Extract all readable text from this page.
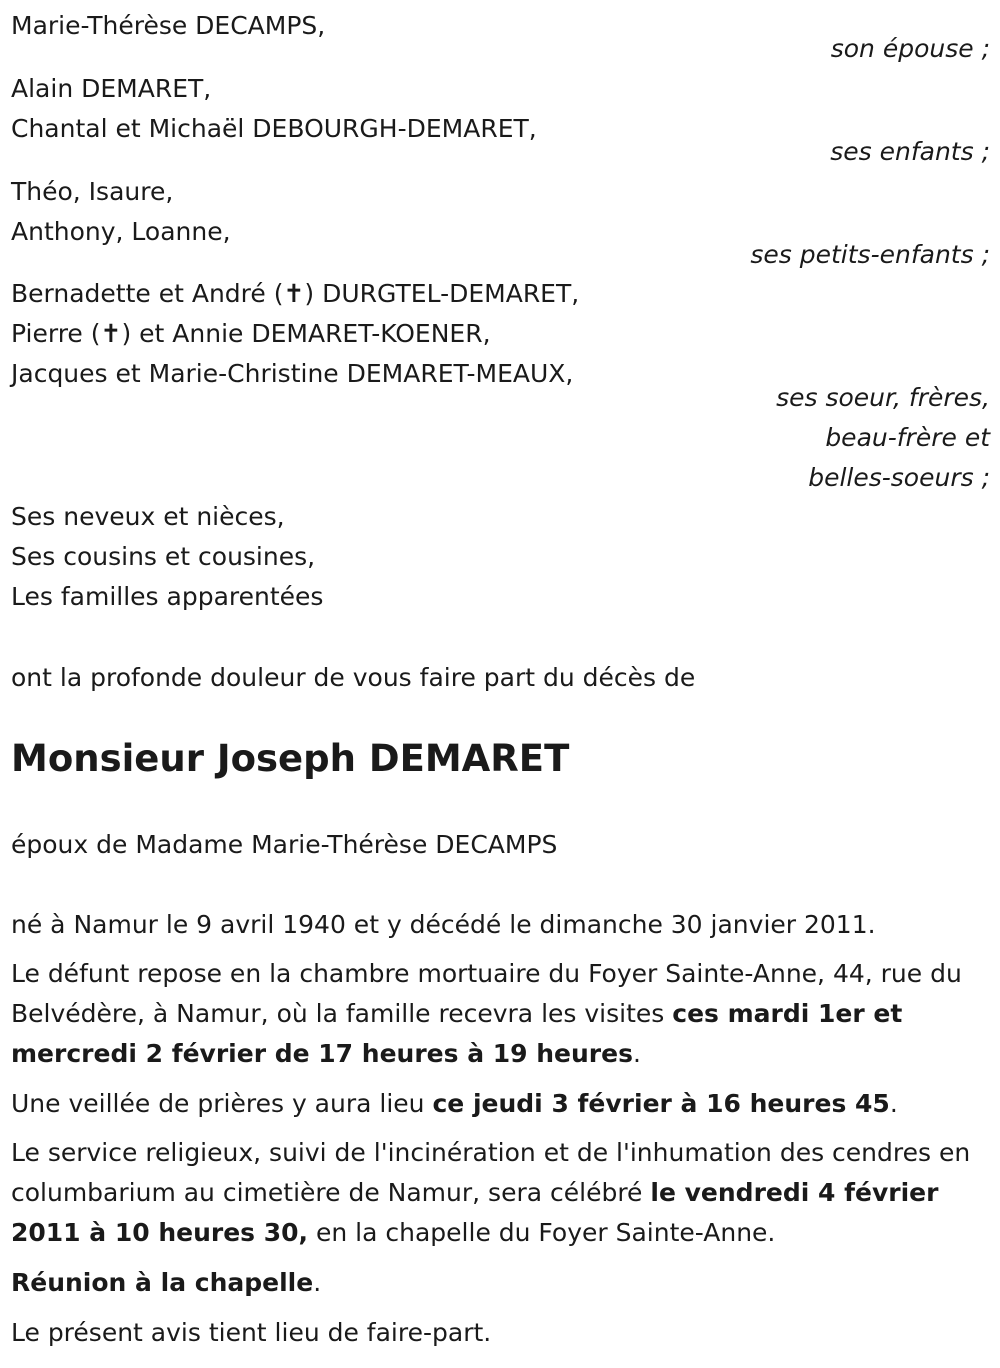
Marie-Thérèse DECAMPS,
son épouse ;
Alain DEMARET,
Chantal et Michaël DEBOURGH-DEMARET,
ses enfants ;
Théo, Isaure,
Anthony, Loanne,
ses petits-enfants ;
Bernadette et André (✝) DURGTEL-DEMARET,
Pierre (✝) et Annie DEMARET-KOENER,
Jacques et Marie-Christine DEMARET-MEAUX,
ses soeur, frères,
beau-frère et
belles-soeurs ;
Ses neveux et nièces,
Ses cousins et cousines,
Les familles apparentées
ont la profonde douleur de vous faire part du décès de
Monsieur Joseph DEMARET
époux de Madame Marie-Thérèse DECAMPS
né à Namur le 9 avril 1940 et y décédé le dimanche 30 janvier 2011.
Le défunt repose en la chambre mortuaire du Foyer Sainte-Anne, 44, rue du Belvédère, à Namur, où la famille recevra les visites ces mardi 1er et mercredi 2 février de 17 heures à 19 heures.
Une veillée de prières y aura lieu ce jeudi 3 février à 16 heures 45.
Le service religieux, suivi de l'incinération et de l'inhumation des cendres en columbarium au cimetière de Namur, sera célébré le vendredi 4 février 2011 à 10 heures 30, en la chapelle du Foyer Sainte-Anne.
Réunion à la chapelle.
Le présent avis tient lieu de faire-part.
